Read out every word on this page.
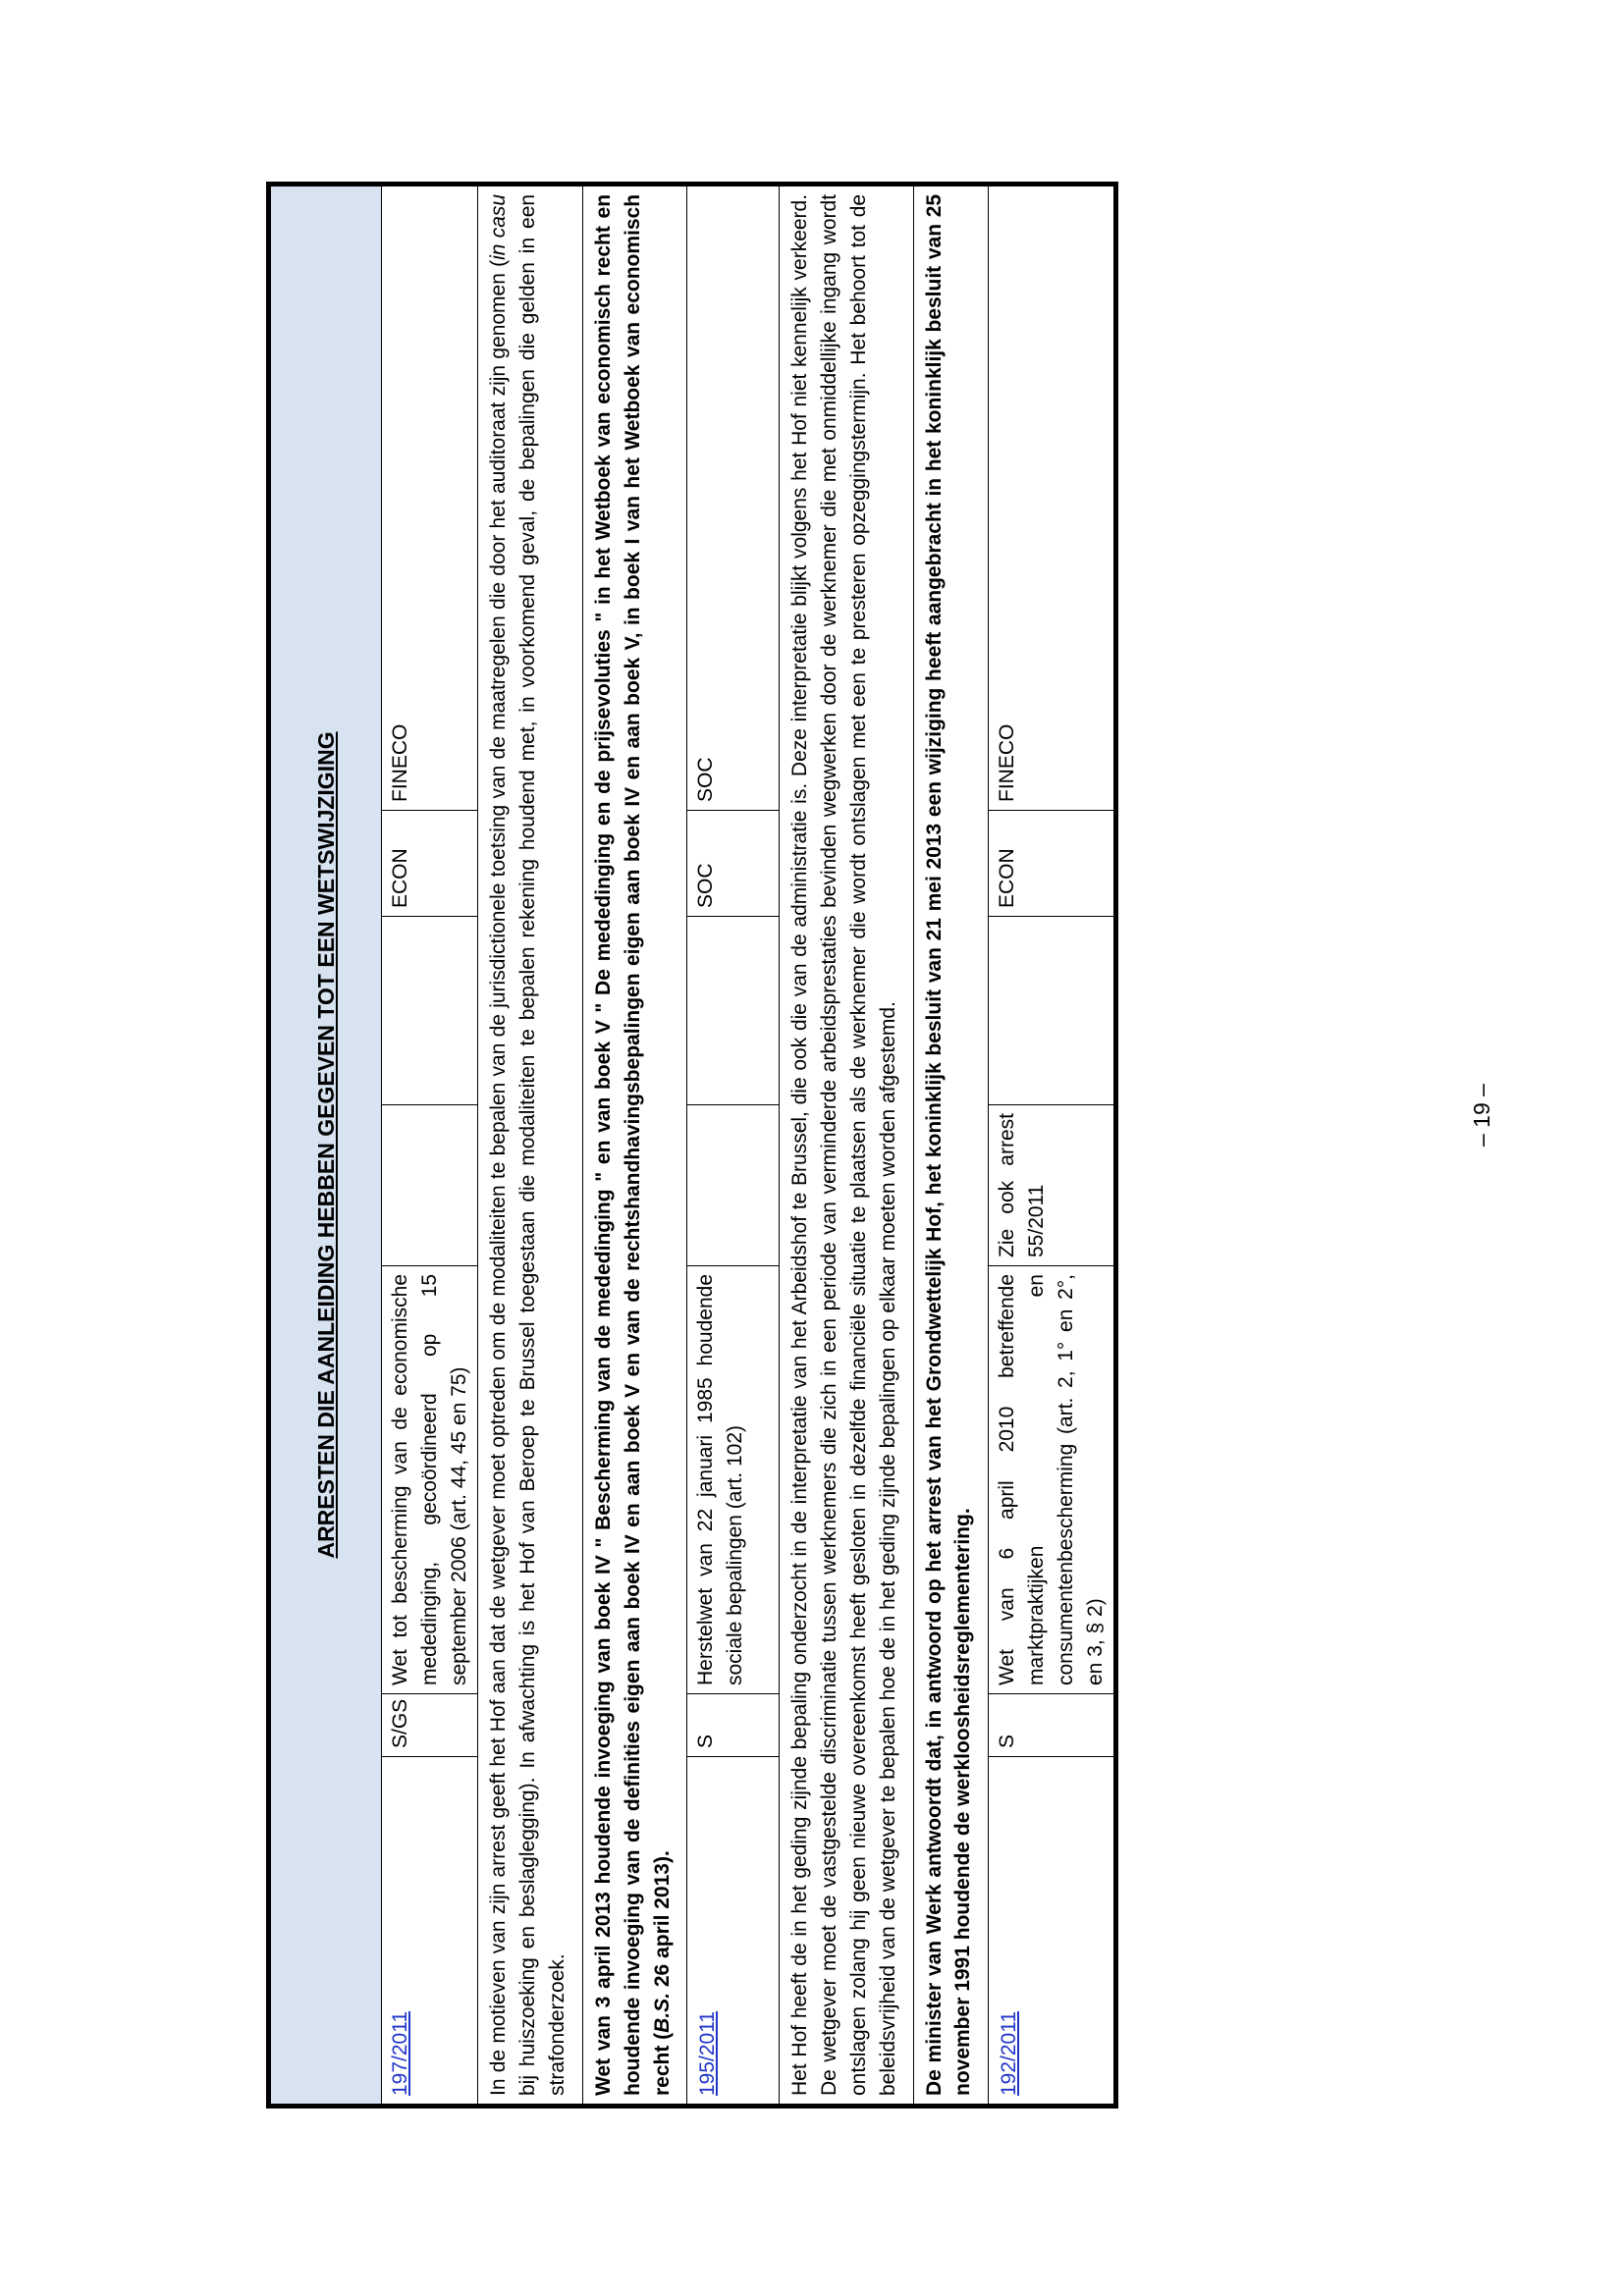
ARRESTEN DIE AANLEIDING HEBBEN GEGEVEN TOT EEN WETSWIJZIGING						
197/2011	S/GS	Wet tot bescherming van de economische mededinging, gecoördineerd op 15 september 2006 (art. 44, 45 en 75)			ECON	FINECO
In de motieven van zijn arrest geeft het Hof aan dat de wetgever moet optreden om de modaliteiten te bepalen van de jurisdictionele toetsing van de maatregelen die door het auditoraat zijn genomen (in casu bij huiszoeking en beslaglegging). In afwachting is het Hof van Beroep te Brussel toegestaan die modaliteiten te bepalen rekening houdend met, in voorkomend geval, de bepalingen die gelden in een strafonderzoek.						
Wet van 3 april 2013 houdende invoeging van boek IV " Bescherming van de mededinging " en van boek V " De mededinging en de prijsevoluties " in het Wetboek van economisch recht en houdende invoeging van de definities eigen aan boek IV en aan boek V en van de rechtshandhavingsbepalingen eigen aan boek IV en aan boek V, in boek I van het Wetboek van economisch recht (B.S. 26 april 2013).						
195/2011	S	Herstelwet van 22 januari 1985 houdende sociale bepalingen (art. 102)			SOC	SOC
Het Hof heeft de in het geding zijnde bepaling onderzocht in de interpretatie van het Arbeidshof te Brussel, die ook die van de administratie is. Deze interpretatie blijkt volgens het Hof niet kennelijk verkeerd. De wetgever moet de vastgestelde discriminatie tussen werknemers die zich in een periode van verminderde arbeidsprestaties bevinden wegwerken door de werknemer die met onmiddellijke ingang wordt ontslagen zolang hij geen nieuwe overeenkomst heeft gesloten in dezelfde financiële situatie te plaatsen als de werknemer die wordt ontslagen met een te presteren opzeggingstermijn. Het behoort tot de beleidsvrijheid van de wetgever te bepalen hoe de in het geding zijnde bepalingen op elkaar moeten worden afgestemd.						
De minister van Werk antwoordt dat, in antwoord op het arrest van het Grondwettelijk Hof, het koninklijk besluit van 21 mei 2013 een wijziging heeft aangebracht in het koninklijk besluit van 25 november 1991 houdende de werkloosheidsreglementering.						
192/2011	S	Wet van 6 april 2010 betreffende marktpraktijken en consumentenbescherming (art. 2, 1° en 2°, en 3, § 2)	Zie ook arrest 55/2011		ECON	FINECO
– 19 –
